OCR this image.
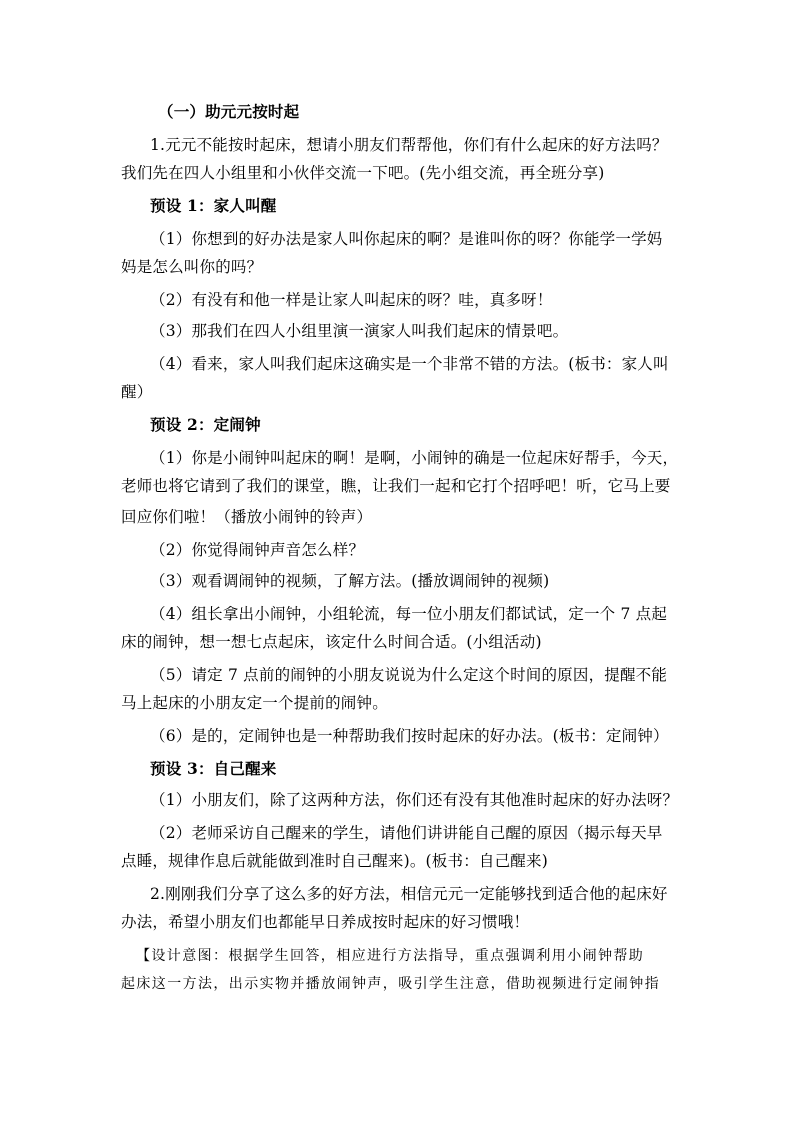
（一）助元元按时起
1.元元不能按时起床，想请小朋友们帮帮他，你们有什么起床的好方法吗？
我们先在四人小组里和小伙伴交流一下吧。(先小组交流，再全班分享)
预设 1：家人叫醒
（1）你想到的好办法是家人叫你起床的啊？是谁叫你的呀？你能学一学妈
妈是怎么叫你的吗？
（2）有没有和他一样是让家人叫起床的呀？哇，真多呀！
（3）那我们在四人小组里演一演家人叫我们起床的情景吧。
（4）看来，家人叫我们起床这确实是一个非常不错的方法。(板书：家人叫
醒）
预设 2：定闹钟
（1）你是小闹钟叫起床的啊！是啊，小闹钟的确是一位起床好帮手，今天，
老师也将它请到了我们的课堂，瞧，让我们一起和它打个招呼吧！听，它马上要
回应你们啦！（播放小闹钟的铃声）
（2）你觉得闹钟声音怎么样？
（3）观看调闹钟的视频，了解方法。(播放调闹钟的视频)
（4）组长拿出小闹钟，小组轮流，每一位小朋友们都试试，定一个 7 点起
床的闹钟，想一想七点起床，该定什么时间合适。(小组活动)
（5）请定 7 点前的闹钟的小朋友说说为什么定这个时间的原因，提醒不能
马上起床的小朋友定一个提前的闹钟。
（6）是的，定闹钟也是一种帮助我们按时起床的好办法。(板书：定闹钟）
预设 3：自己醒来
（1）小朋友们，除了这两种方法，你们还有没有其他准时起床的好办法呀？
（2）老师采访自己醒来的学生，请他们讲讲能自己醒的原因（揭示每天早
点睡，规律作息后就能做到准时自己醒来)。(板书：自己醒来)
2.刚刚我们分享了这么多的好方法，相信元元一定能够找到适合他的起床好
办法，希望小朋友们也都能早日养成按时起床的好习惯哦！
【设计意图：根据学生回答，相应进行方法指导，重点强调利用小闹钟帮助
起床这一方法，出示实物并播放闹钟声，吸引学生注意，借助视频进行定闹钟指
